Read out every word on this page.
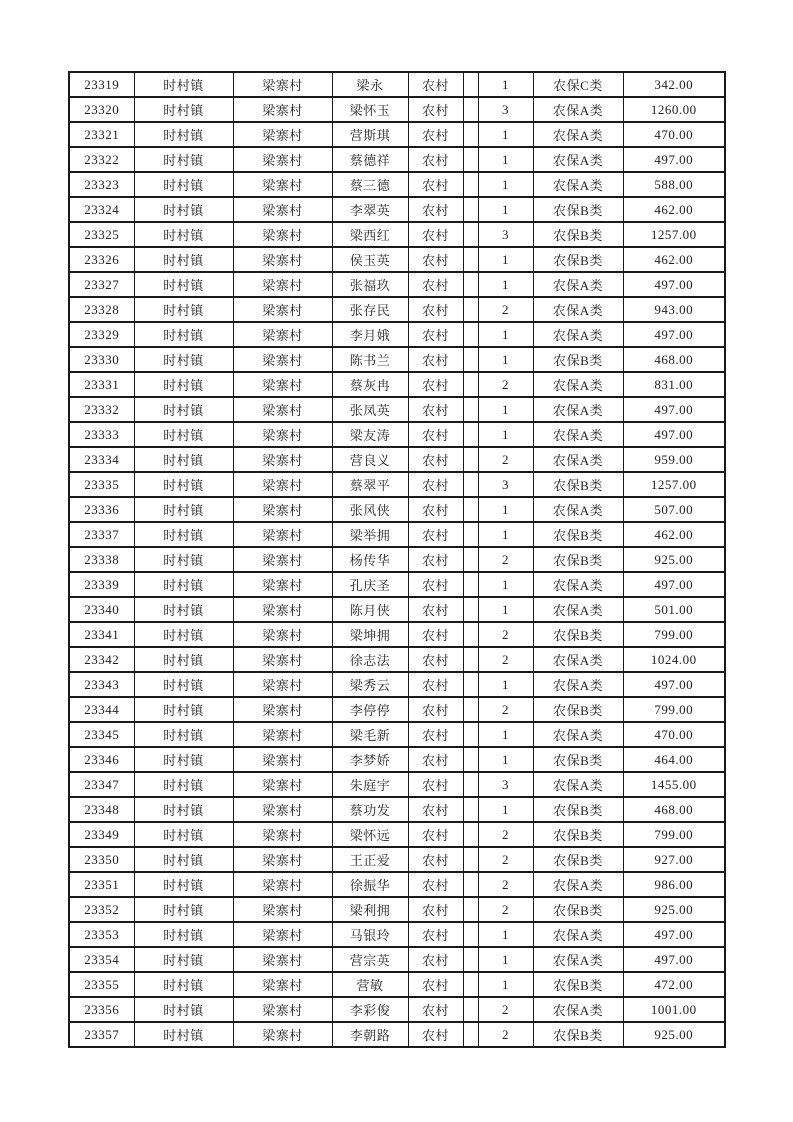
23319	时村镇	梁寨村	梁永	农村		1	农保C类	342.00
23320	时村镇	梁寨村	梁怀玉	农村		3	农保A类	1260.00
23321	时村镇	梁寨村	营斯琪	农村		1	农保A类	470.00
23322	时村镇	梁寨村	蔡德祥	农村		1	农保A类	497.00
23323	时村镇	梁寨村	蔡三德	农村		1	农保A类	588.00
23324	时村镇	梁寨村	李翠英	农村		1	农保B类	462.00
23325	时村镇	梁寨村	梁西红	农村		3	农保B类	1257.00
23326	时村镇	梁寨村	侯玉英	农村		1	农保B类	462.00
23327	时村镇	梁寨村	张福玖	农村		1	农保A类	497.00
23328	时村镇	梁寨村	张存民	农村		2	农保A类	943.00
23329	时村镇	梁寨村	李月娥	农村		1	农保A类	497.00
23330	时村镇	梁寨村	陈书兰	农村		1	农保B类	468.00
23331	时村镇	梁寨村	蔡灰冉	农村		2	农保A类	831.00
23332	时村镇	梁寨村	张凤英	农村		1	农保A类	497.00
23333	时村镇	梁寨村	梁友涛	农村		1	农保A类	497.00
23334	时村镇	梁寨村	营良义	农村		2	农保A类	959.00
23335	时村镇	梁寨村	蔡翠平	农村		3	农保B类	1257.00
23336	时村镇	梁寨村	张风侠	农村		1	农保A类	507.00
23337	时村镇	梁寨村	梁举拥	农村		1	农保B类	462.00
23338	时村镇	梁寨村	杨传华	农村		2	农保B类	925.00
23339	时村镇	梁寨村	孔庆圣	农村		1	农保A类	497.00
23340	时村镇	梁寨村	陈月侠	农村		1	农保A类	501.00
23341	时村镇	梁寨村	梁坤拥	农村		2	农保B类	799.00
23342	时村镇	梁寨村	徐志法	农村		2	农保A类	1024.00
23343	时村镇	梁寨村	梁秀云	农村		1	农保A类	497.00
23344	时村镇	梁寨村	李停停	农村		2	农保B类	799.00
23345	时村镇	梁寨村	梁毛新	农村		1	农保A类	470.00
23346	时村镇	梁寨村	李梦娇	农村		1	农保B类	464.00
23347	时村镇	梁寨村	朱庭宇	农村		3	农保A类	1455.00
23348	时村镇	梁寨村	蔡功发	农村		1	农保B类	468.00
23349	时村镇	梁寨村	梁怀远	农村		2	农保B类	799.00
23350	时村镇	梁寨村	王正爱	农村		2	农保B类	927.00
23351	时村镇	梁寨村	徐振华	农村		2	农保A类	986.00
23352	时村镇	梁寨村	梁利拥	农村		2	农保B类	925.00
23353	时村镇	梁寨村	马银玲	农村		1	农保A类	497.00
23354	时村镇	梁寨村	营宗英	农村		1	农保A类	497.00
23355	时村镇	梁寨村	营敏	农村		1	农保B类	472.00
23356	时村镇	梁寨村	李彩俊	农村		2	农保A类	1001.00
23357	时村镇	梁寨村	李朝路	农村		2	农保B类	925.00
